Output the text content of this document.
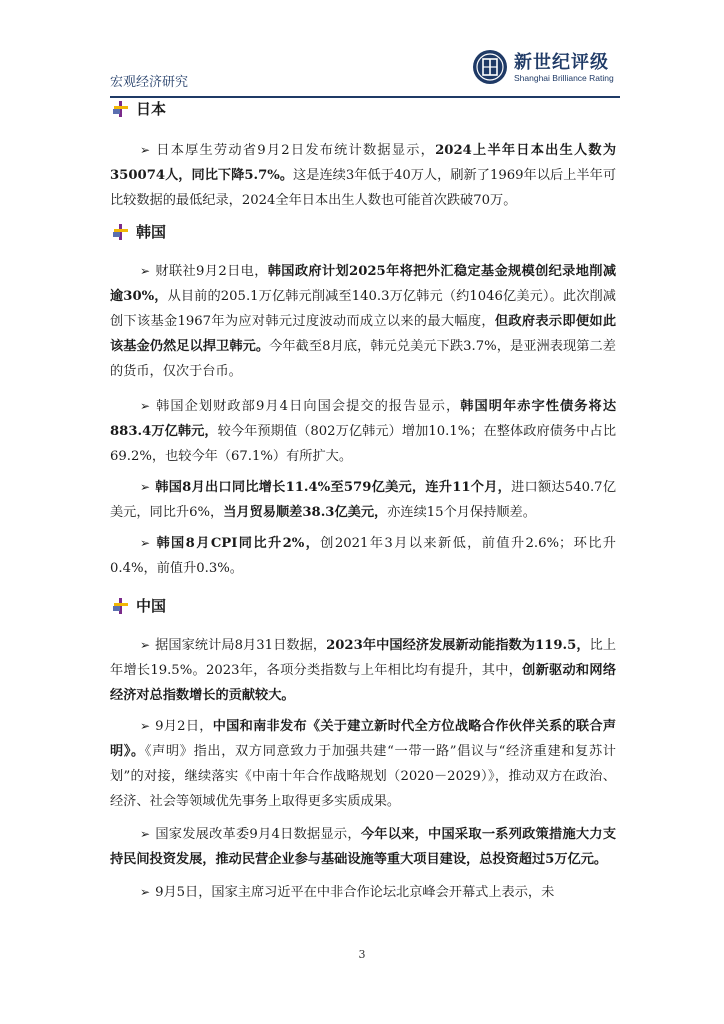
宏观经济研究
新世纪评级
Shanghai Brilliance Rating
日本

➢ 日本厚生劳动省9月2日发布统计数据显示，2024上半年日本出生人数为350074人，同比下降5.7%。这是连续3年低于40万人，刷新了1969年以后上半年可比较数据的最低纪录，2024全年日本出生人数也可能首次跌破70万。

韩国

➢ 财联社9月2日电，韩国政府计划2025年将把外汇稳定基金规模创纪录地削减逾30%，从目前的205.1万亿韩元削减至140.3万亿韩元（约1046亿美元）。此次削减创下该基金1967年为应对韩元过度波动而成立以来的最大幅度，但政府表示即便如此该基金仍然足以捍卫韩元。今年截至8月底，韩元兑美元下跌3.7%，是亚洲表现第二差的货币，仅次于台币。

➢ 韩国企划财政部9月4日向国会提交的报告显示，韩国明年赤字性债务将达883.4万亿韩元，较今年预期值（802万亿韩元）增加10.1%；在整体政府债务中占比69.2%，也较今年（67.1%）有所扩大。

➢ 韩国8月出口同比增长11.4%至579亿美元，连升11个月，进口额达540.7亿美元，同比升6%，当月贸易顺差38.3亿美元，亦连续15个月保持顺差。

➢ 韩国8月CPI同比升2%，创2021年3月以来新低，前值升2.6%；环比升0.4%，前值升0.3%。

中国

➢ 据国家统计局8月31日数据，2023年中国经济发展新动能指数为119.5，比上年增长19.5%。2023年，各项分类指数与上年相比均有提升，其中，创新驱动和网络经济对总指数增长的贡献较大。

➢ 9月2日，中国和南非发布《关于建立新时代全方位战略合作伙伴关系的联合声明》。《声明》指出，双方同意致力于加强共建“一带一路”倡议与“经济重建和复苏计划”的对接，继续落实《中南十年合作战略规划（2020－2029）》，推动双方在政治、经济、社会等领域优先事务上取得更多实质成果。

➢ 国家发展改革委9月4日数据显示，今年以来，中国采取一系列政策措施大力支持民间投资发展，推动民营企业参与基础设施等重大项目建设，总投资超过5万亿元。

➢ 9月5日，国家主席习近平在中非合作论坛北京峰会开幕式上表示，未

3
